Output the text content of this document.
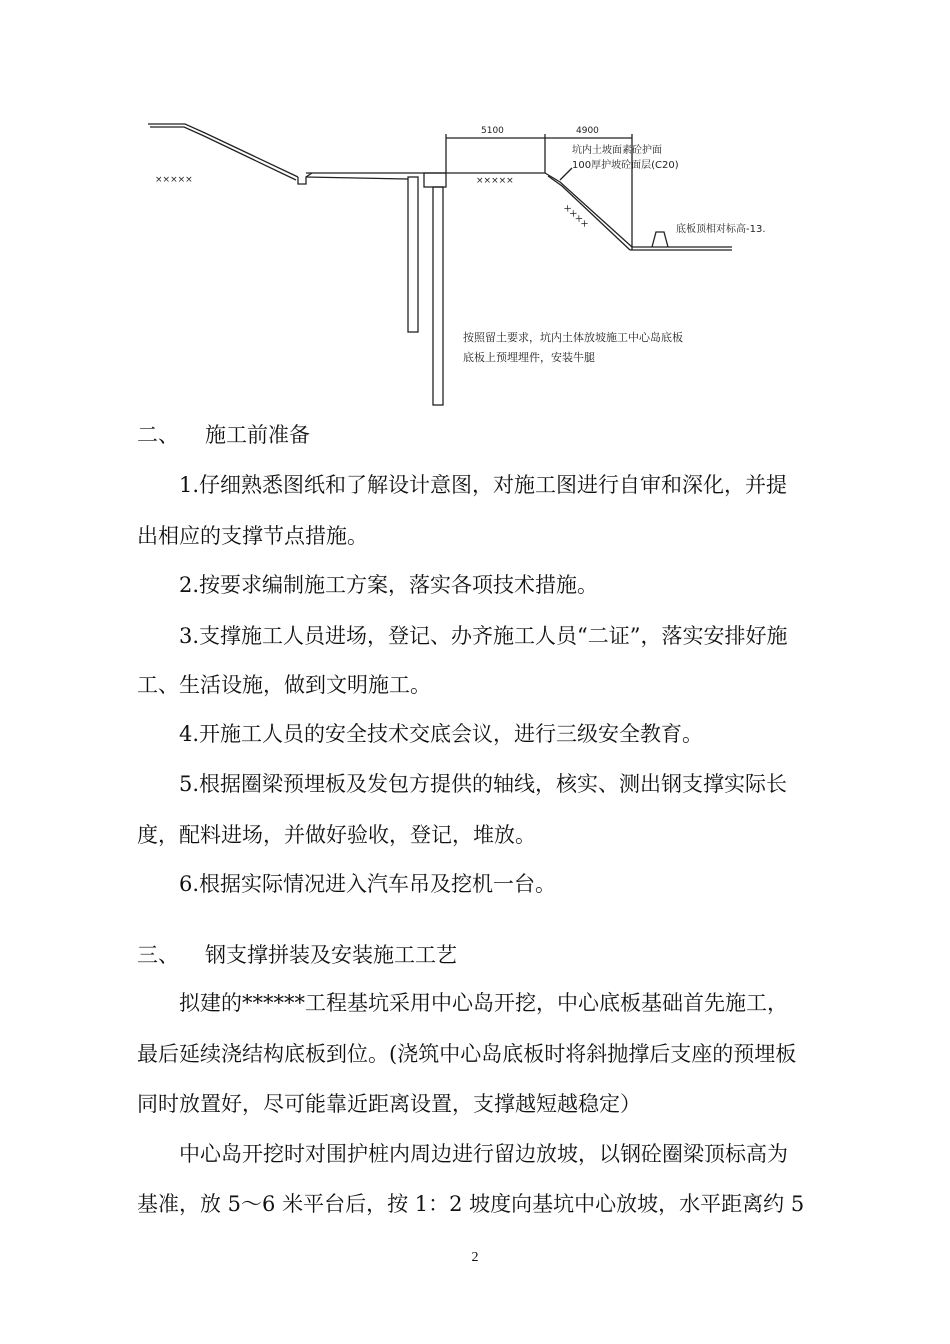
5100	4900
坑内土坡面素砼护面
100厚护坡砼面层(C20)
底板顶相对标高-13.
按照留土要求，坑内土体放坡施工中心岛底板
底板上预埋埋件，安装牛腿
×××××	×××××
××××
二、 施工前准备
1.仔细熟悉图纸和了解设计意图，对施工图进行自审和深化，并提
出相应的支撑节点措施。
2.按要求编制施工方案，落实各项技术措施。
3.支撑施工人员进场，登记、办齐施工人员“二证”，落实安排好施
工、生活设施，做到文明施工。
4.开施工人员的安全技术交底会议，进行三级安全教育。
5.根据圈梁预埋板及发包方提供的轴线，核实、测出钢支撑实际长
度，配料进场，并做好验收，登记，堆放。
6.根据实际情况进入汽车吊及挖机一台。
三、 钢支撑拼装及安装施工工艺
拟建的******工程基坑采用中心岛开挖，中心底板基础首先施工，
最后延续浇结构底板到位。(浇筑中心岛底板时将斜抛撑后支座的预埋板
同时放置好，尽可能靠近距离设置，支撑越短越稳定）
中心岛开挖时对围护桩内周边进行留边放坡，以钢砼圈梁顶标高为
基准，放 5～6 米平台后，按 1：2 坡度向基坑中心放坡，水平距离约 5
2
